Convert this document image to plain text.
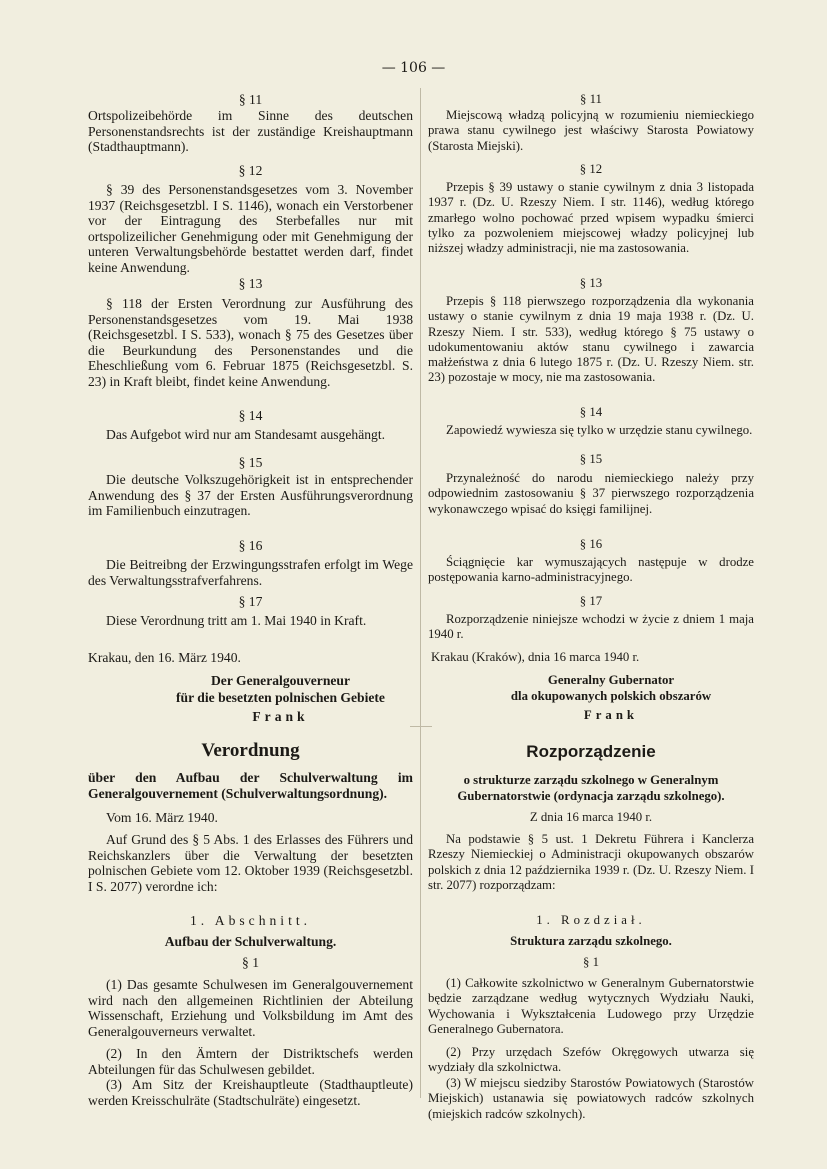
— 106 —
§ 11

Ortspolizeibehörde im Sinne des deutschen Personenstandsrechts ist der zuständige Kreishauptmann (Stadthauptmann).

§ 12

§ 39 des Personenstandsgesetzes vom 3. November 1937 (Reichsgesetzbl. I S. 1146), wonach ein Verstorbener vor der Eintragung des Sterbefalles nur mit ortspolizeilicher Genehmigung oder mit Genehmigung der unteren Verwaltungsbehörde bestattet werden darf, findet keine Anwendung.

§ 13

§ 118 der Ersten Verordnung zur Ausführung des Personenstandsgesetzes vom 19. Mai 1938 (Reichsgesetzbl. I S. 533), wonach § 75 des Gesetzes über die Beurkundung des Personenstandes und die Eheschließung vom 6. Februar 1875 (Reichsgesetzbl. S. 23) in Kraft bleibt, findet keine Anwendung.

§ 14

Das Aufgebot wird nur am Standesamt ausgehängt.

§ 15

Die deutsche Volkszugehörigkeit ist in entsprechender Anwendung des § 37 der Ersten Ausführungsverordnung im Familienbuch einzutragen.

§ 16

Die Beitreibng der Erzwingungsstrafen erfolgt im Wege des Verwaltungsstrafverfahrens.

§ 17

Diese Verordnung tritt am 1. Mai 1940 in Kraft.

Krakau, den 16. März 1940.
Der Generalgouverneur
für die besetzten polnischen Gebiete
Frank
Verordnung
über den Aufbau der Schulverwaltung im Generalgouvernement (Schulverwaltungsordnung).
Vom 16. März 1940.

Auf Grund des § 5 Abs. 1 des Erlasses des Führers und Reichskanzlers über die Verwaltung der besetzten polnischen Gebiete vom 12. Oktober 1939 (Reichsgesetzbl. I S. 2077) verordne ich:

1. Abschnitt.
Aufbau der Schulverwaltung.
§ 1

(1) Das gesamte Schulwesen im Generalgouvernement wird nach den allgemeinen Richtlinien der Abteilung Wissenschaft, Erziehung und Volksbildung im Amt des Generalgouverneurs verwaltet.

(2) In den Ämtern der Distriktschefs werden Abteilungen für das Schulwesen gebildet.

(3) Am Sitz der Kreishauptleute (Stadthauptleute) werden Kreisschulräte (Stadtschulräte) eingesetzt.

§ 11

Miejscową władzą policyjną w rozumieniu niemieckiego prawa stanu cywilnego jest właściwy Starosta Powiatowy (Starosta Miejski).

§ 12

Przepis § 39 ustawy o stanie cywilnym z dnia 3 listopada 1937 r. (Dz. U. Rzeszy Niem. I str. 1146), według którego zmarłego wolno pochować przed wpisem wypadku śmierci tylko za pozwoleniem miejscowej władzy policyjnej lub niższej władzy administracji, nie ma zastosowania.

§ 13

Przepis § 118 pierwszego rozporządzenia dla wykonania ustawy o stanie cywilnym z dnia 19 maja 1938 r. (Dz. U. Rzeszy Niem. I str. 533), według którego § 75 ustawy o udokumentowaniu aktów stanu cywilnego i zawarcia małżeństwa z dnia 6 lutego 1875 r. (Dz. U. Rzeszy Niem. str. 23) pozostaje w mocy, nie ma zastosowania.

§ 14

Zapowiedź wywiesza się tylko w urzędzie stanu cywilnego.

§ 15

Przynależność do narodu niemieckiego należy przy odpowiednim zastosowaniu § 37 pierwszego rozporządzenia wykonawczego wpisać do księgi familijnej.

§ 16

Ściągnięcie kar wymuszających następuje w drodze postępowania karno-administracyjnego.

§ 17

Rozporządzenie niniejsze wchodzi w życie z dniem 1 maja 1940 r.

Krakau (Kraków), dnia 16 marca 1940 r.
Generalny Gubernator
dla okupowanych polskich obszarów
Frank
Rozporządzenie
o strukturze zarządu szkolnego w Generalnym Gubernatorstwie (ordynacja zarządu szkolnego).
Z dnia 16 marca 1940 r.

Na podstawie § 5 ust. 1 Dekretu Führera i Kanclerza Rzeszy Niemieckiej o Administracji okupowanych obszarów polskich z dnia 12 października 1939 r. (Dz. U. Rzeszy Niem. I str. 2077) rozporządzam:

1. Rozdział.
Struktura zarządu szkolnego.
§ 1

(1) Całkowite szkolnictwo w Generalnym Gubernatorstwie będzie zarządzane według wytycznych Wydziału Nauki, Wychowania i Wykształcenia Ludowego przy Urzędzie Generalnego Gubernatora.

(2) Przy urzędach Szefów Okręgowych utwarza się wydziały dla szkolnictwa.

(3) W miejscu siedziby Starostów Powiatowych (Starostów Miejskich) ustanawia się powiatowych radców szkolnych (miejskich radców szkolnych).
